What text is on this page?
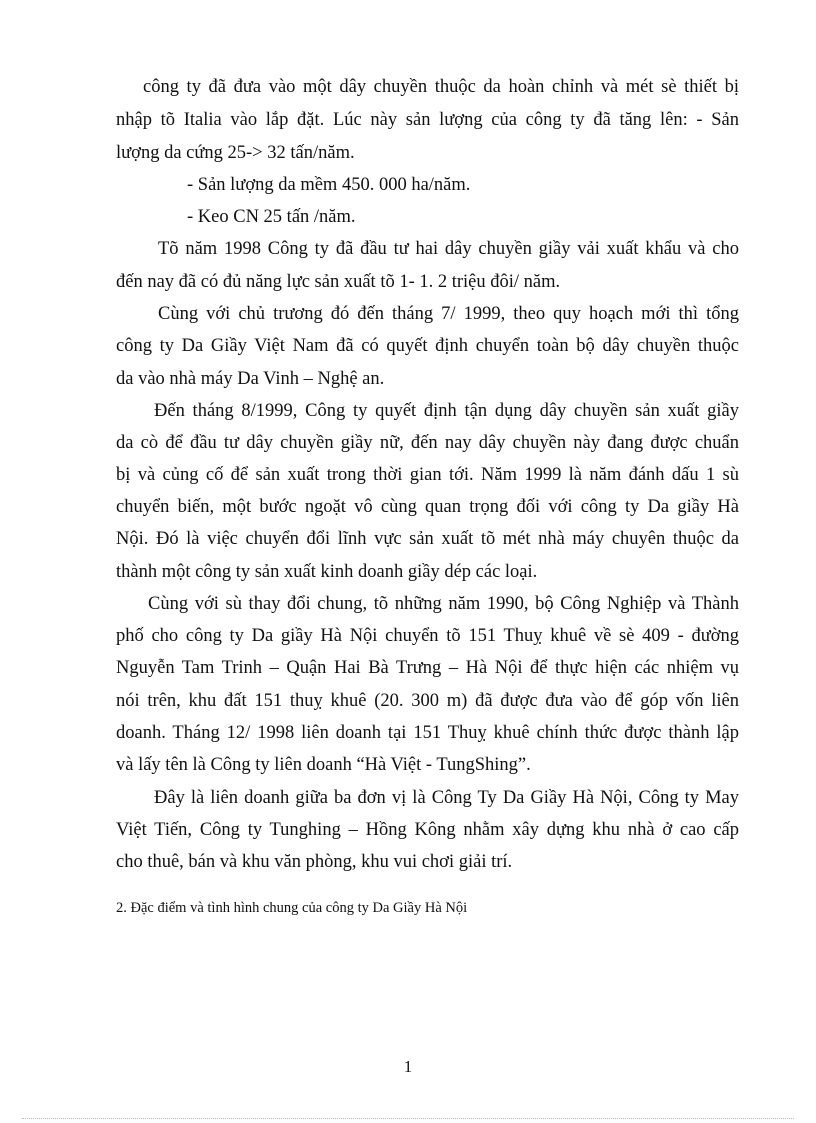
công ty đã đưa vào một dây chuyền thuộc da hoàn chỉnh và mét sè thiết bị
nhập tõ Italia vào lắp đặt. Lúc này sản lượng của công ty đã tăng lên: - Sản
lượng da cứng 25-> 32 tấn/năm.
- Sản lượng da mềm 450. 000 ha/năm.
- Keo CN 25 tấn /năm.
Tõ năm 1998 Công ty đã đầu tư hai dây chuyền giầy vải xuất khẩu và cho
đến nay đã có đủ năng lực sản xuất tõ 1- 1. 2 triệu đôi/ năm.
Cùng với chủ trương đó đến tháng 7/ 1999, theo quy hoạch mới thì tổng
công ty Da Giầy Việt Nam đã có quyết định chuyển toàn bộ dây chuyền thuộc
da vào nhà máy Da Vinh – Nghệ an.
Đến tháng 8/1999, Công ty quyết định tận dụng dây chuyền sản xuất giầy
da cò để đầu tư dây chuyền giầy nữ, đến nay dây chuyền này đang được chuẩn
bị và củng cố để sản xuất trong thời gian tới. Năm 1999 là năm đánh dấu 1 sù
chuyển biến, một bước ngoặt vô cùng quan trọng đối với công ty Da giầy Hà
Nội. Đó là việc chuyển đổi lĩnh vực sản xuất tõ mét nhà máy chuyên thuộc da
thành một công ty sản xuất kinh doanh giầy dép các loại.
Cùng với sù thay đổi chung, tõ những năm 1990, bộ Công Nghiệp và Thành
phố cho công ty Da giầy Hà Nội chuyển tõ 151 Thuỵ khuê về sè 409 - đường
Nguyễn Tam Trinh – Quận Hai Bà Trưng – Hà Nội để thực hiện các nhiệm vụ
nói trên, khu đất 151 thuỵ khuê (20. 300 m) đã được đưa vào để góp vốn liên
doanh. Tháng 12/ 1998 liên doanh tại 151 Thuỵ khuê chính thức được thành lập
và lấy tên là Công ty liên doanh “Hà Việt - TungShing”.
Đây là liên doanh giữa ba đơn vị là Công Ty Da Giầy Hà Nội, Công ty May
Việt Tiến, Công ty Tunghing – Hồng Kông nhằm xây dựng khu nhà ở cao cấp
cho thuê, bán và khu văn phòng, khu vui chơi giải trí.
2. Đặc điểm và tình hình chung của công ty Da Giầy Hà Nội
1
